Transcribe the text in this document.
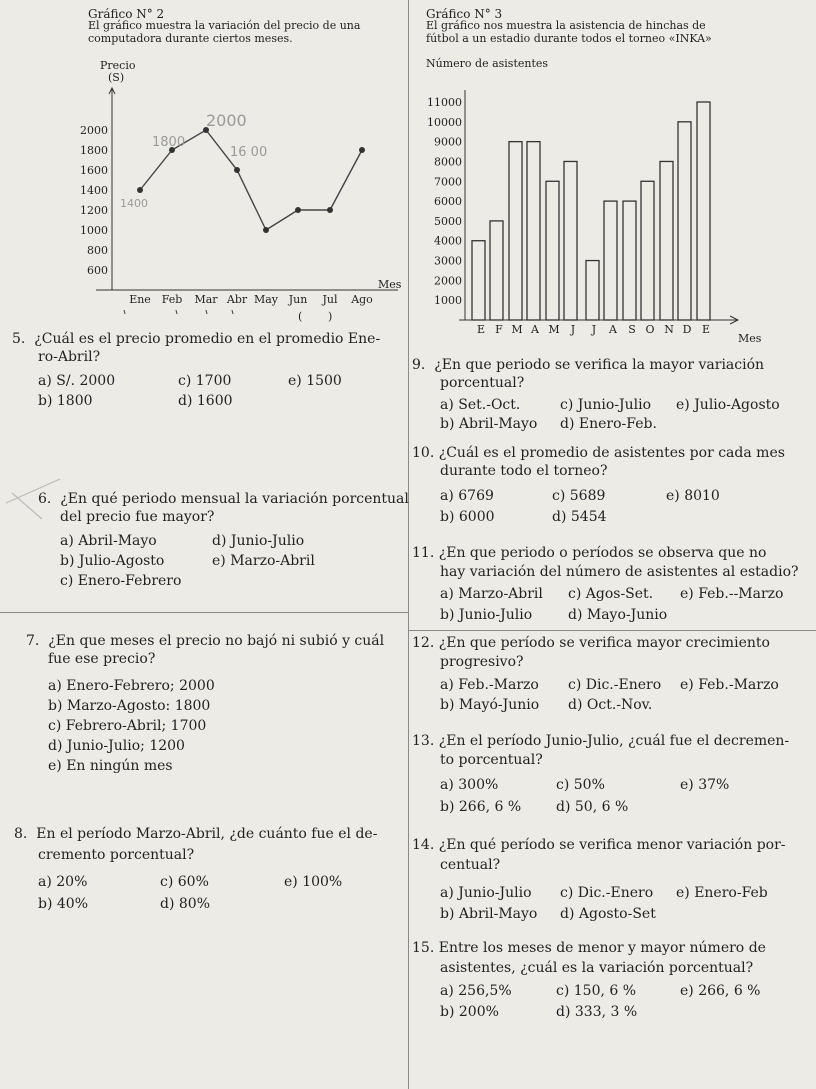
Gráfico N° 2
El gráfico muestra la variación del precio de una
computadora durante ciertos meses.
Precio
(S)
600
800
1000
1200
1400
1600
1800
2000
Ene Feb Mar Abr May Jun Jul Ago
( )
Mes
2000
1800
16 00
1400
Gráfico N° 3
El gráfico nos muestra la asistencia de hinchas de
fútbol a un estadio durante todos el torneo «INKA»
Número de asistentes
1000
2000
3000
4000
5000
6000
7000
8000
9000
10000
11000
E F M A M J J A S O N D E
Mes
5. ¿Cuál es el precio promedio en el promedio Ene-
ro-Abril?
a) S/. 2000
b) 1800
c) 1700
d) 1600
e) 1500
6. ¿En qué periodo mensual la variación porcentual
del precio fue mayor?
a) Abril-Mayo
b) Julio-Agosto
c) Enero-Febrero
d) Junio-Julio
e) Marzo-Abril
7. ¿En que meses el precio no bajó ni subió y cuál
fue ese precio?
a) Enero-Febrero; 2000
b) Marzo-Agosto: 1800
c) Febrero-Abril; 1700
d) Junio-Julio; 1200
e) En ningún mes
8. En el período Marzo-Abril, ¿de cuánto fue el de-
cremento porcentual?
a) 20%
b) 40%
c) 60%
d) 80%
e) 100%
9. ¿En que periodo se verifica la mayor variación
porcentual?
a) Set.-Oct.
b) Abril-Mayo
c) Junio-Julio
d) Enero-Feb.
e) Julio-Agosto
10. ¿Cuál es el promedio de asistentes por cada mes
durante todo el torneo?
a) 6769
b) 6000
c) 5689
d) 5454
e) 8010
11. ¿En que periodo o períodos se observa que no
hay variación del número de asistentes al estadio?
a) Marzo-Abril
b) Junio-Julio
c) Agos-Set.
d) Mayo-Junio
e) Feb.--Marzo
12. ¿En que período se verifica mayor crecimiento
progresivo?
a) Feb.-Marzo
b) Mayó-Junio
c) Dic.-Enero
d) Oct.-Nov.
e) Feb.-Marzo
13. ¿En el período Junio-Julio, ¿cuál fue el decremen-
to porcentual?
a) 300%
b) 266, 6 %
c) 50%
d) 50, 6 %
e) 37%
14. ¿En qué período se verifica menor variación por-
centual?
a) Junio-Julio
b) Abril-Mayo
c) Dic.-Enero
d) Agosto-Set
e) Enero-Feb
15. Entre los meses de menor y mayor número de
asistentes, ¿cuál es la variación porcentual?
a) 256,5%
b) 200%
c) 150, 6 %
d) 333, 3 %
e) 266, 6 %
